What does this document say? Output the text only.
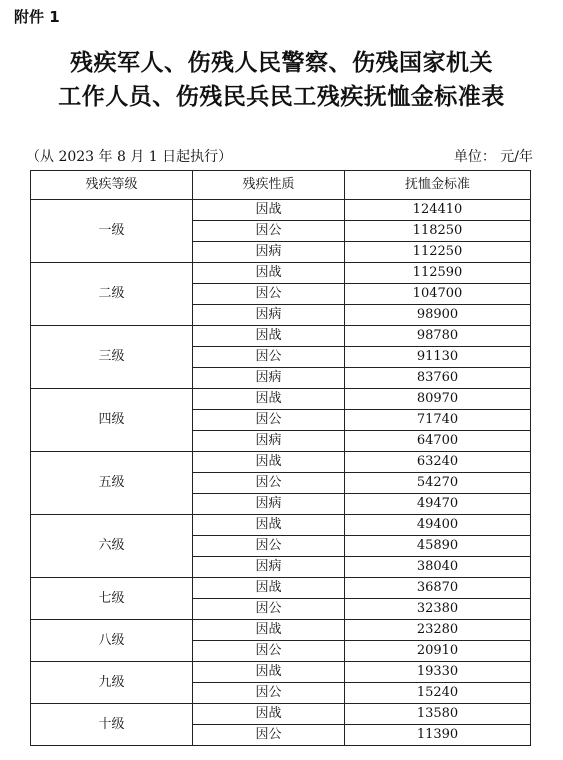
附件 1
残疾军人、伤残人民警察、伤残国家机关
工作人员、伤残民兵民工残疾抚恤金标准表
（从 2023 年 8 月 1 日起执行）	单位： 元/年
残疾等级	残疾性质	抚恤金标准
一级	因战	124410
	因公	118250
	因病	112250
二级	因战	112590
	因公	104700
	因病	98900
三级	因战	98780
	因公	91130
	因病	83760
四级	因战	80970
	因公	71740
	因病	64700
五级	因战	63240
	因公	54270
	因病	49470
六级	因战	49400
	因公	45890
	因病	38040
七级	因战	36870
	因公	32380
八级	因战	23280
	因公	20910
九级	因战	19330
	因公	15240
十级	因战	13580
	因公	11390
